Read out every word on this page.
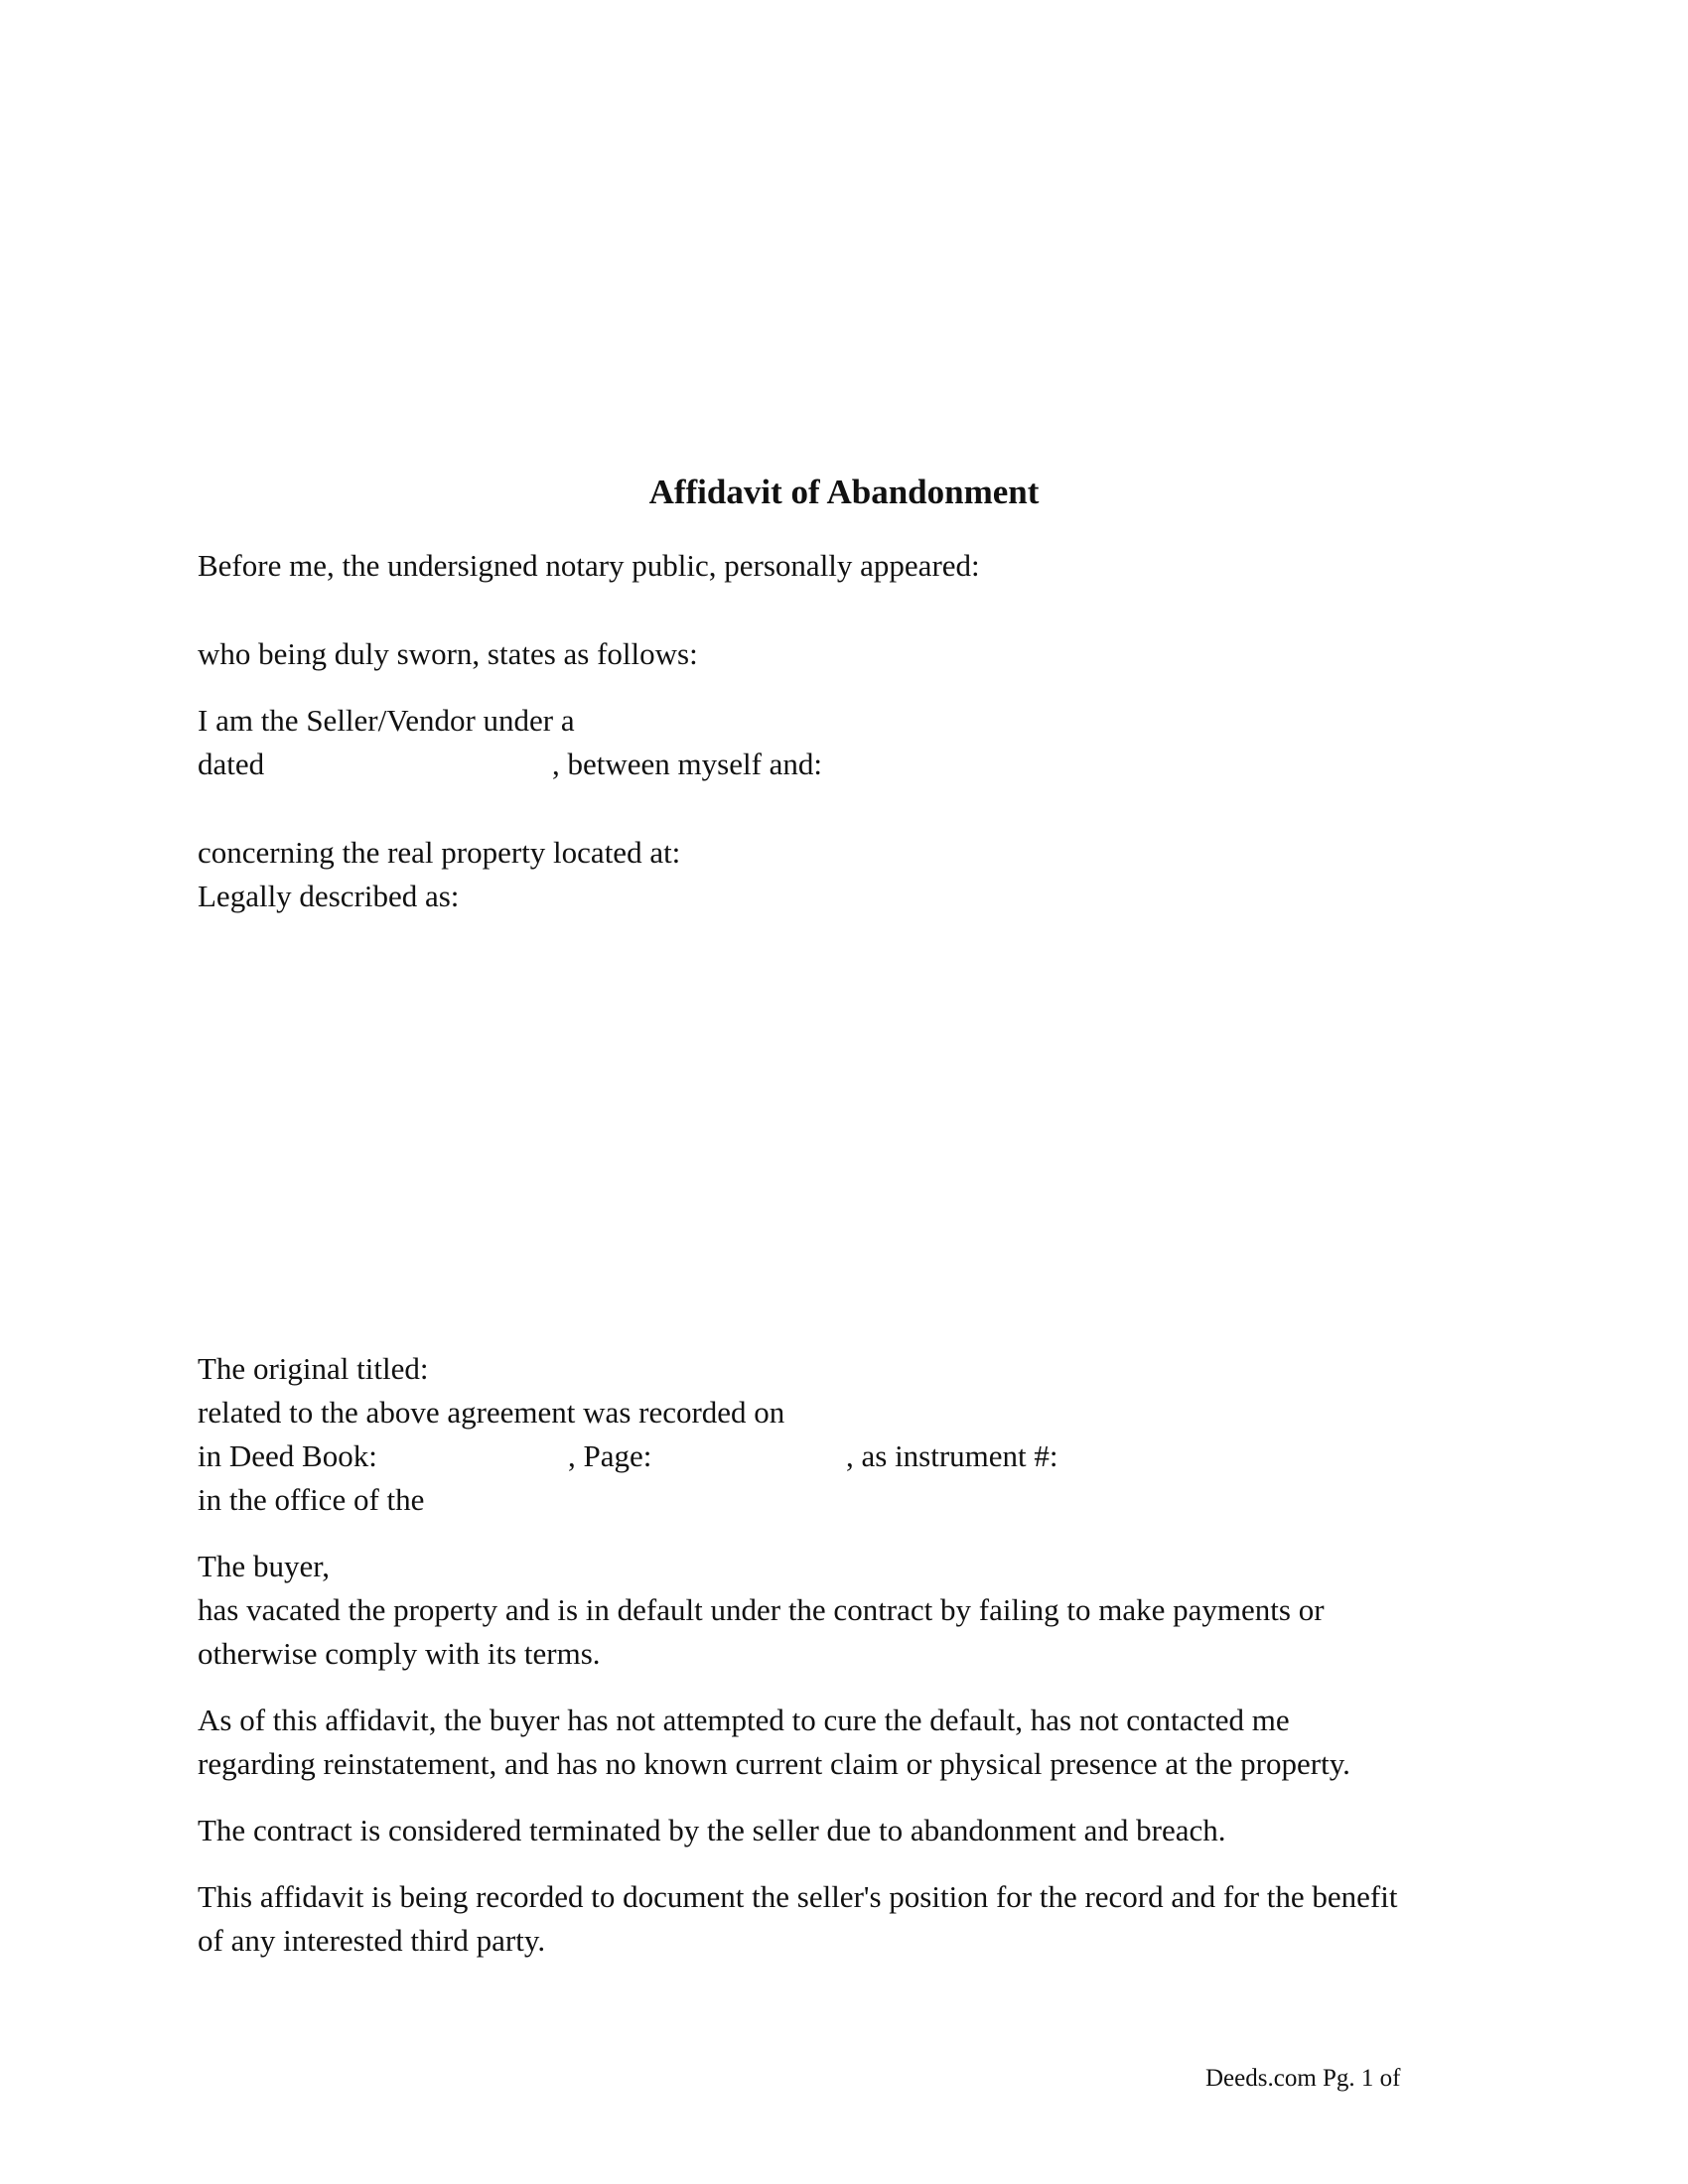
Affidavit of Abandonment
Before me, the undersigned notary public, personally appeared:
who being duly sworn, states as follows:
I am the Seller/Vendor under a
dated	, between myself and:
concerning the real property located at:
Legally described as:
The original titled:
related to the above agreement was recorded on
in Deed Book:	, Page:	, as instrument #:
in the office of the
The buyer,
has vacated the property and is in default under the contract by failing to make payments or
otherwise comply with its terms.
As of this affidavit, the buyer has not attempted to cure the default, has not contacted me
regarding reinstatement, and has no known current claim or physical presence at the property.
The contract is considered terminated by the seller due to abandonment and breach.
This affidavit is being recorded to document the seller's position for the record and for the benefit
of any interested third party.
Deeds.com Pg. 1 of
